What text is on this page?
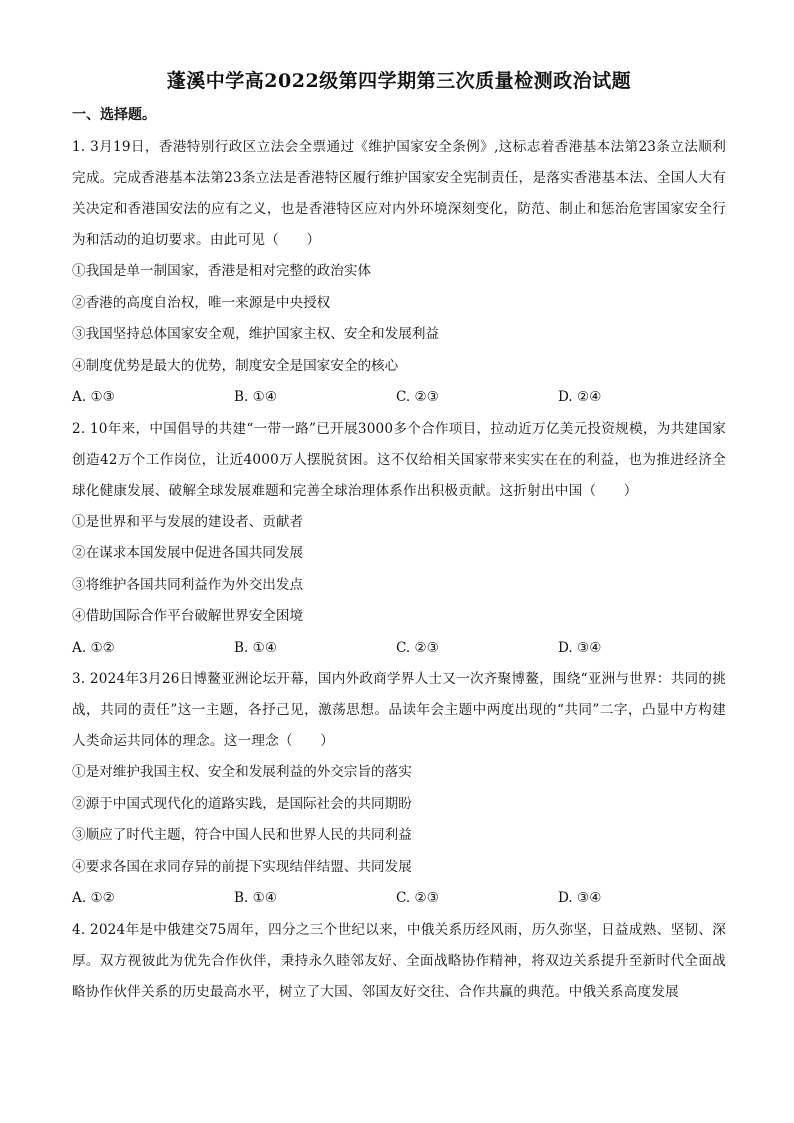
蓬溪中学高2022级第四学期第三次质量检测政治试题
一、选择题。

1. 3月19日，香港特别行政区立法会全票通过《维护国家安全条例》,这标志着香港基本法第23条立法顺利完成。完成香港基本法第23条立法是香港特区履行维护国家安全宪制责任，是落实香港基本法、全国人大有关决定和香港国安法的应有之义，也是香港特区应对内外环境深刻变化，防范、制止和惩治危害国家安全行为和活动的迫切要求。由此可见（　　）

①我国是单一制国家，香港是相对完整的政治实体

②香港的高度自治权，唯一来源是中央授权

③我国坚持总体国家安全观，维护国家主权、安全和发展利益

④制度优势是最大的优势，制度安全是国家安全的核心

A. ①③	B. ①④	C. ②③	D. ②④

2. 10年来，中国倡导的共建“一带一路”已开展3000多个合作项目，拉动近万亿美元投资规模，为共建国家创造42万个工作岗位，让近4000万人摆脱贫困。这不仅给相关国家带来实实在在的利益，也为推进经济全球化健康发展、破解全球发展难题和完善全球治理体系作出积极贡献。这折射出中国（　　）

①是世界和平与发展的建设者、贡献者

②在谋求本国发展中促进各国共同发展

③将维护各国共同利益作为外交出发点

④借助国际合作平台破解世界安全困境

A. ①②	B. ①④	C. ②③	D. ③④

3. 2024年3月26日博鳌亚洲论坛开幕，国内外政商学界人士又一次齐聚博鳌，围绕“亚洲与世界：共同的挑战，共同的责任”这一主题，各抒己见，激荡思想。品读年会主题中两度出现的“共同”二字，凸显中方构建人类命运共同体的理念。这一理念（　　）

①是对维护我国主权、安全和发展利益的外交宗旨的落实

②源于中国式现代化的道路实践，是国际社会的共同期盼

③顺应了时代主题，符合中国人民和世界人民的共同利益

④要求各国在求同存异的前提下实现结伴结盟、共同发展

A. ①②	B. ①④	C. ②③	D. ③④

4. 2024年是中俄建交75周年，四分之三个世纪以来，中俄关系历经风雨，历久弥坚，日益成熟、坚韧、深厚。双方视彼此为优先合作伙伴，秉持永久睦邻友好、全面战略协作精神，将双边关系提升至新时代全面战略协作伙伴关系的历史最高水平，树立了大国、邻国友好交往、合作共赢的典范。中俄关系高度发展
